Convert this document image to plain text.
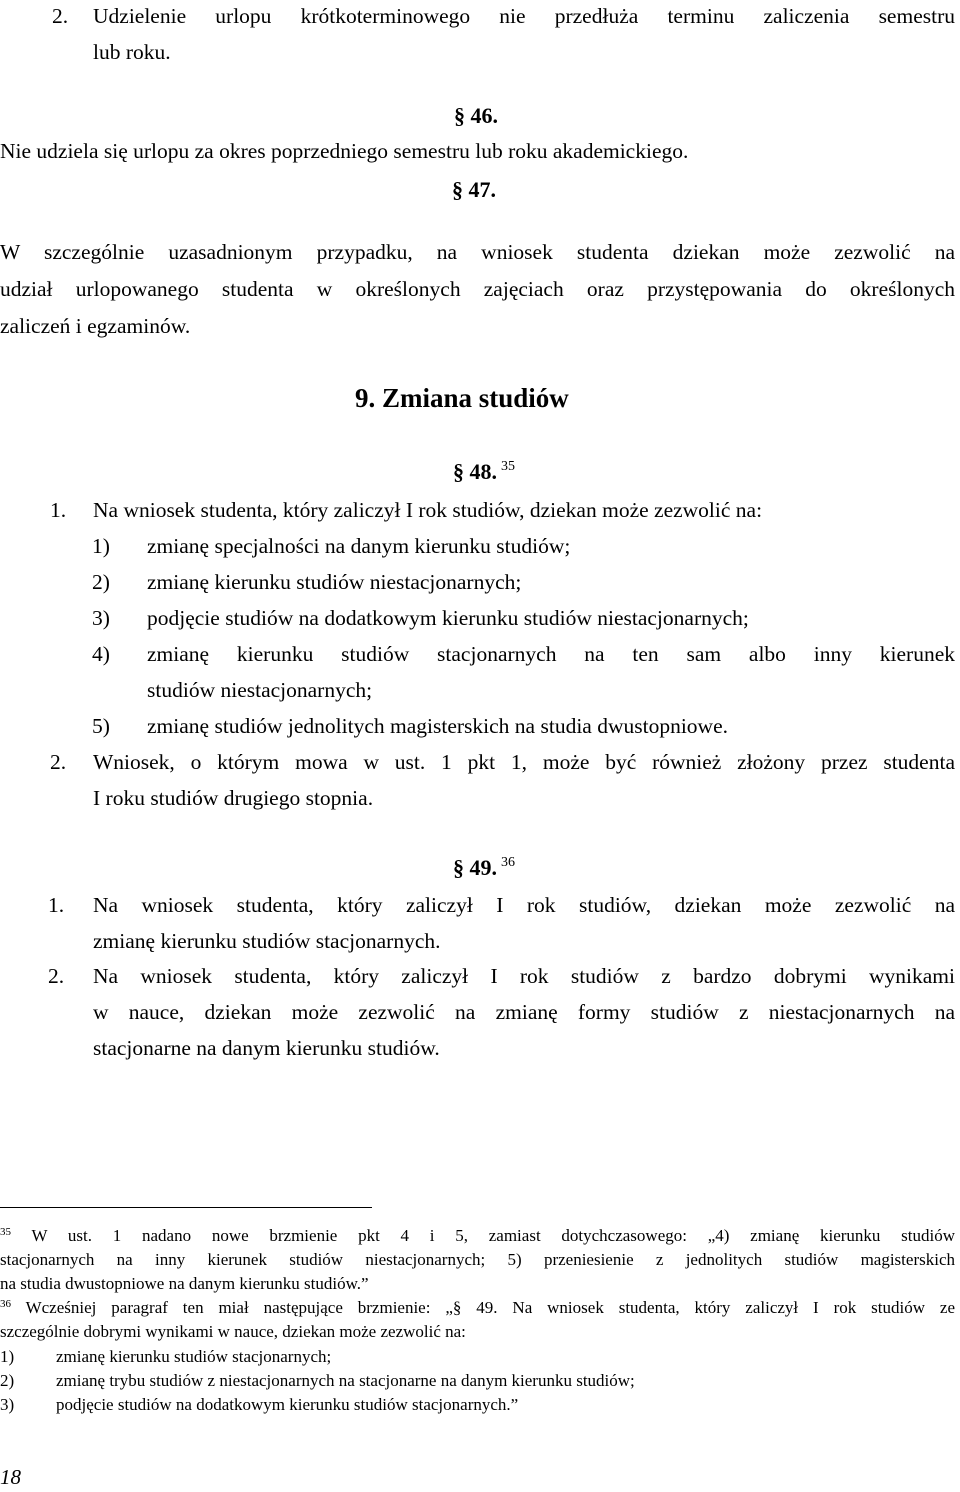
2. Udzielenie urlopu krótkoterminowego nie przedłuża terminu zaliczenia semestru
lub roku.
§ 46.
Nie udziela się urlopu za okres poprzedniego semestru lub roku akademickiego.
§ 47.
W szczególnie uzasadnionym przypadku, na wniosek studenta dziekan może zezwolić na
udział urlopowanego studenta w określonych zajęciach oraz przystępowania do określonych
zaliczeń i egzaminów.
9. Zmiana studiów
§ 48. $^{35}$
1. Na wniosek studenta, który zaliczył I rok studiów, dziekan może zezwolić na:
1) zmianę specjalności na danym kierunku studiów;
2) zmianę kierunku studiów niestacjonarnych;
3) podjęcie studiów na dodatkowym kierunku studiów niestacjonarnych;
4) zmianę kierunku studiów stacjonarnych na ten sam albo inny kierunek
studiów niestacjonarnych;
5) zmianę studiów jednolitych magisterskich na studia dwustopniowe.
2. Wniosek, o którym mowa w ust. 1 pkt 1, może być również złożony przez studenta
I roku studiów drugiego stopnia.
§ 49. $^{36}$
1. Na wniosek studenta, który zaliczył I rok studiów, dziekan może zezwolić na
zmianę kierunku studiów stacjonarnych.
2. Na wniosek studenta, który zaliczył I rok studiów z bardzo dobrymi wynikami
w nauce, dziekan może zezwolić na zmianę formy studiów z niestacjonarnych na
stacjonarne na danym kierunku studiów.
$^{35}$ W ust. 1 nadano nowe brzmienie pkt 4 i 5, zamiast dotychczasowego: „4) zmianę kierunku studiów
stacjonarnych na inny kierunek studiów niestacjonarnych; 5) przeniesienie z jednolitych studiów magisterskich
na studia dwustopniowe na danym kierunku studiów.”
$^{36}$ Wcześniej paragraf ten miał następujące brzmienie: „§ 49. Na wniosek studenta, który zaliczył I rok studiów ze
szczególnie dobrymi wynikami w nauce, dziekan może zezwolić na:
1) zmianę kierunku studiów stacjonarnych;
2) zmianę trybu studiów z niestacjonarnych na stacjonarne na danym kierunku studiów;
3) podjęcie studiów na dodatkowym kierunku studiów stacjonarnych.”
18
